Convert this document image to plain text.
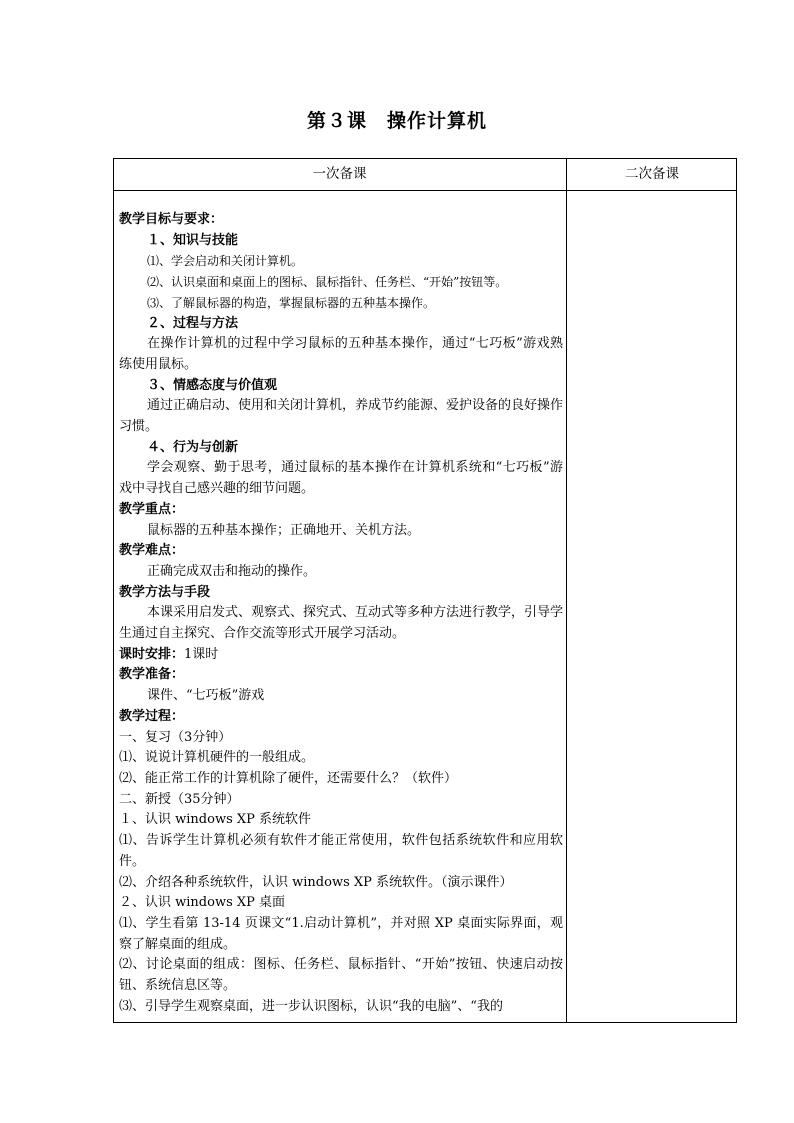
第３课　操作计算机
一次备课	二次备课
教学目标与要求：
１、知识与技能
⑴、学会启动和关闭计算机。
⑵、认识桌面和桌面上的图标、鼠标指针、任务栏、“开始”按钮等。
⑶、了解鼠标器的构造，掌握鼠标器的五种基本操作。
２、过程与方法
在操作计算机的过程中学习鼠标的五种基本操作，通过“七巧板”游戏熟练使用鼠标。
３、情感态度与价值观
通过正确启动、使用和关闭计算机，养成节约能源、爱护设备的良好操作习惯。
４、行为与创新
学会观察、勤于思考，通过鼠标的基本操作在计算机系统和“七巧板”游戏中寻找自己感兴趣的细节问题。
教学重点：
鼠标器的五种基本操作；正确地开、关机方法。
教学难点：
正确完成双击和拖动的操作。
教学方法与手段
本课采用启发式、观察式、探究式、互动式等多种方法进行教学，引导学生通过自主探究、合作交流等形式开展学习活动。
课时安排：1课时
教学准备：
课件、“七巧板”游戏
教学过程：
一、复习（3分钟）
⑴、说说计算机硬件的一般组成。
⑵、能正常工作的计算机除了硬件，还需要什么？（软件）
二、新授（35分钟）
１、认识 windows XP 系统软件
⑴、告诉学生计算机必须有软件才能正常使用，软件包括系统软件和应用软件。
⑵、介绍各种系统软件，认识 windows XP 系统软件。（演示课件）
２、认识 windows XP 桌面
⑴、学生看第 13-14 页课文“1.启动计算机”，并对照 XP 桌面实际界面，观察了解桌面的组成。
⑵、讨论桌面的组成：图标、任务栏、鼠标指针、“开始”按钮、快速启动按钮、系统信息区等。
⑶、引导学生观察桌面，进一步认识图标，认识“我的电脑”、“我的
